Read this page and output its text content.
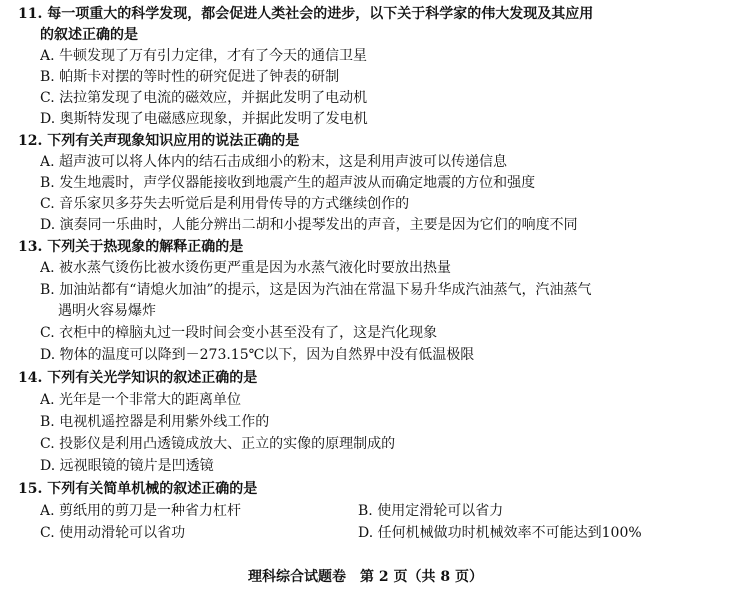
11. 每一项重大的科学发现，都会促进人类社会的进步，以下关于科学家的伟大发现及其应用
的叙述正确的是
A. 牛顿发现了万有引力定律，才有了今天的通信卫星
B. 帕斯卡对摆的等时性的研究促进了钟表的研制
C. 法拉第发现了电流的磁效应，并据此发明了电动机
D. 奥斯特发现了电磁感应现象，并据此发明了发电机
12. 下列有关声现象知识应用的说法正确的是
A. 超声波可以将人体内的结石击成细小的粉末，这是利用声波可以传递信息
B. 发生地震时，声学仪器能接收到地震产生的超声波从而确定地震的方位和强度
C. 音乐家贝多芬失去听觉后是利用骨传导的方式继续创作的
D. 演奏同一乐曲时，人能分辨出二胡和小提琴发出的声音，主要是因为它们的响度不同
13. 下列关于热现象的解释正确的是
A. 被水蒸气烫伤比被水烫伤更严重是因为水蒸气液化时要放出热量
B. 加油站都有“请熄火加油”的提示，这是因为汽油在常温下易升华成汽油蒸气，汽油蒸气
遇明火容易爆炸
C. 衣柜中的樟脑丸过一段时间会变小甚至没有了，这是汽化现象
D. 物体的温度可以降到－273.15℃以下，因为自然界中没有低温极限
14. 下列有关光学知识的叙述正确的是
A. 光年是一个非常大的距离单位
B. 电视机遥控器是利用紫外线工作的
C. 投影仪是利用凸透镜成放大、正立的实像的原理制成的
D. 远视眼镜的镜片是凹透镜
15. 下列有关简单机械的叙述正确的是
A. 剪纸用的剪刀是一种省力杠杆	B. 使用定滑轮可以省力
C. 使用动滑轮可以省功	D. 任何机械做功时机械效率不可能达到100%
理科综合试题卷　第 2 页（共 8 页）
